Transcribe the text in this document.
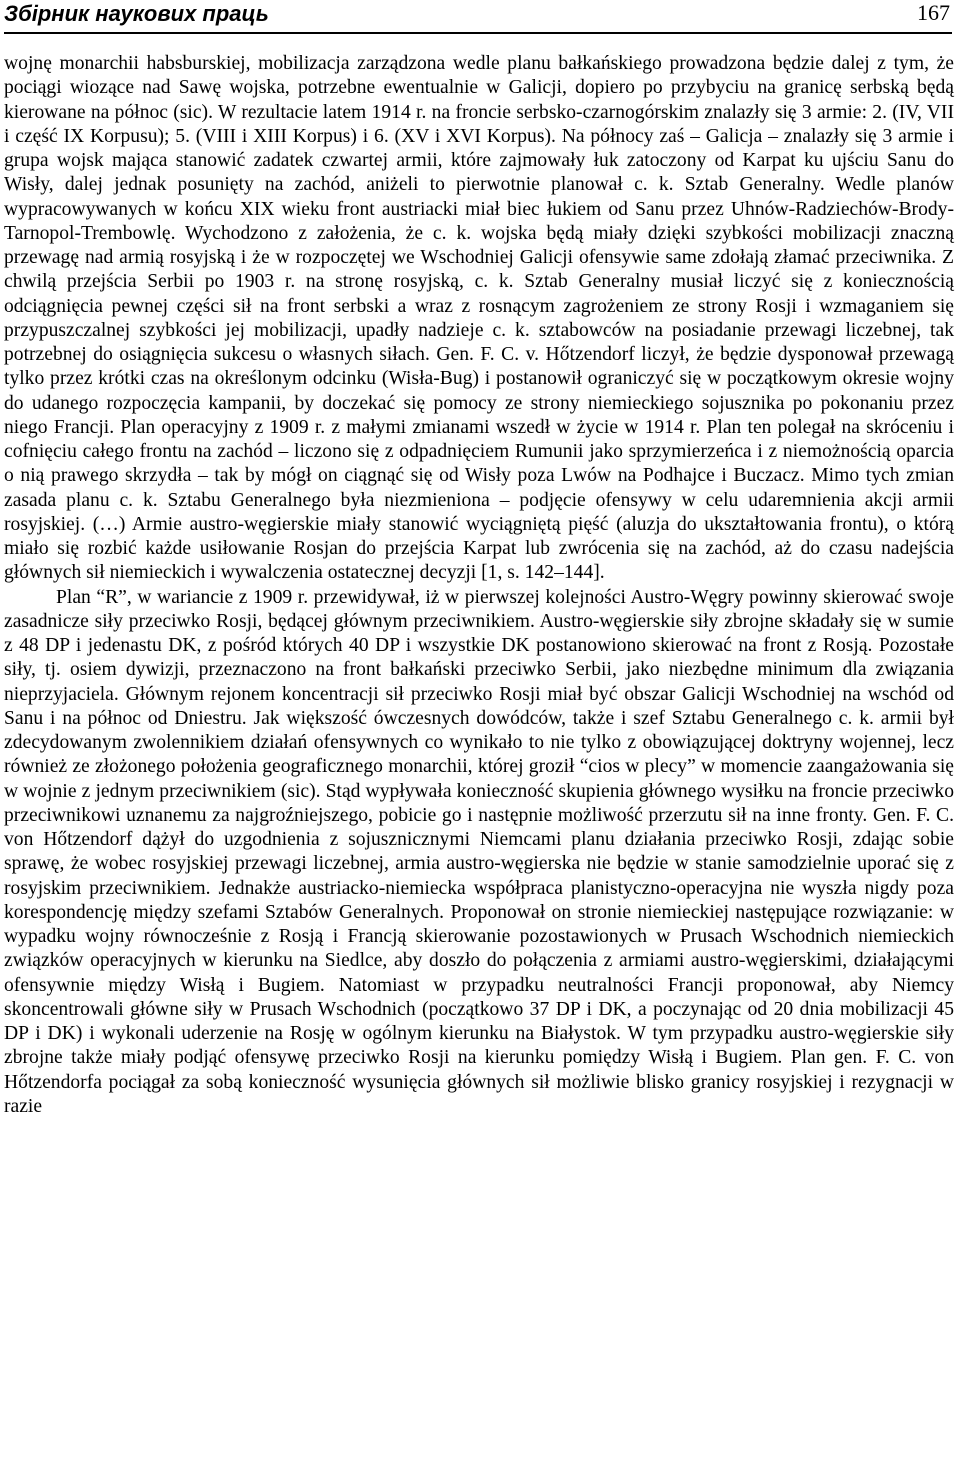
Збірник наукових праць	167

wojnę monarchii habsburskiej, mobilizacja zarządzona wedle planu bałkańskiego prowadzona będzie dalej z tym, że pociągi wiozące nad Sawę wojska, potrzebne ewentualnie w Galicji, dopiero po przybyciu na granicę serbską będą kierowane na północ (sic). W rezultacie latem 1914 r. na froncie serbsko-czarnogórskim znalazły się 3 armie: 2. (IV, VII i część IX Korpusu); 5. (VIII i XIII Korpus) i 6. (XV i XVI Korpus). Na północy zaś – Galicja – znalazły się 3 armie i grupa wojsk mająca stanowić zadatek czwartej armii, które zajmowały łuk zatoczony od Karpat ku ujściu Sanu do Wisły, dalej jednak posunięty na zachód, aniżeli to pierwotnie planował c. k. Sztab Generalny. Wedle planów wypracowywanych w końcu XIX wieku front austriacki miał biec łukiem od Sanu przez Uhnów-Radziechów-Brody-Tarnopol-Trembowlę. Wychodzono z założenia, że c. k. wojska będą miały dzięki szybkości mobilizacji znaczną przewagę nad armią rosyjską i że w rozpoczętej we Wschodniej Galicji ofensywie same zdołają złamać przeciwnika. Z chwilą przejścia Serbii po 1903 r. na stronę rosyjską, c. k. Sztab Generalny musiał liczyć się z koniecznością odciągnięcia pewnej części sił na front serbski a wraz z rosnącym zagrożeniem ze strony Rosji i wzmaganiem się przypuszczalnej szybkości jej mobilizacji, upadły nadzieje c. k. sztabowców na posiadanie przewagi liczebnej, tak potrzebnej do osiągnięcia sukcesu o własnych siłach. Gen. F. C. v. Hőtzendorf liczył, że będzie dysponował przewagą tylko przez krótki czas na określonym odcinku (Wisła-Bug) i postanowił ograniczyć się w początkowym okresie wojny do udanego rozpoczęcia kampanii, by doczekać się pomocy ze strony niemieckiego sojusznika po pokonaniu przez niego Francji. Plan operacyjny z 1909 r. z małymi zmianami wszedł w życie w 1914 r. Plan ten polegał na skróceniu i cofnięciu całego frontu na zachód – liczono się z odpadnięciem Rumunii jako sprzymierzeńca i z niemożnością oparcia o nią prawego skrzydła – tak by mógł on ciągnąć się od Wisły poza Lwów na Podhajce i Buczacz. Mimo tych zmian zasada planu c. k. Sztabu Generalnego była niezmieniona – podjęcie ofensywy w celu udaremnienia akcji armii rosyjskiej. (…) Armie austro-węgierskie miały stanowić wyciągniętą pięść (aluzja do ukształtowania frontu), o którą miało się rozbić każde usiłowanie Rosjan do przejścia Karpat lub zwrócenia się na zachód, aż do czasu nadejścia głównych sił niemieckich i wywalczenia ostatecznej decyzji [1, s. 142–144].

Plan “R”, w wariancie z 1909 r. przewidywał, iż w pierwszej kolejności Austro-Węgry powinny skierować swoje zasadnicze siły przeciwko Rosji, będącej głównym przeciwnikiem. Austro-węgierskie siły zbrojne składały się w sumie z 48 DP i jedenastu DK, z pośród których 40 DP i wszystkie DK postanowiono skierować na front z Rosją. Pozostałe siły, tj. osiem dywizji, przeznaczono na front bałkański przeciwko Serbii, jako niezbędne minimum dla związania nieprzyjaciela. Głównym rejonem koncentracji sił przeciwko Rosji miał być obszar Galicji Wschodniej na wschód od Sanu i na północ od Dniestru. Jak większość ówczesnych dowódców, także i szef Sztabu Generalnego c. k. armii był zdecydowanym zwolennikiem działań ofensywnych co wynikało to nie tylko z obowiązującej doktryny wojennej, lecz również ze złożonego położenia geograficznego monarchii, której groził “cios w plecy” w momencie zaangażowania się w wojnie z jednym przeciwnikiem (sic). Stąd wypływała konieczność skupienia głównego wysiłku na froncie przeciwko przeciwnikowi uznanemu za najgroźniejszego, pobicie go i następnie możliwość przerzutu sił na inne fronty. Gen. F. C. von Hőtzendorf dążył do uzgodnienia z sojusznicznymi Niemcami planu działania przeciwko Rosji, zdając sobie sprawę, że wobec rosyjskiej przewagi liczebnej, armia austro-węgierska nie będzie w stanie samodzielnie uporać się z rosyjskim przeciwnikiem. Jednakże austriacko-niemiecka współpraca planistyczno-operacyjna nie wyszła nigdy poza korespondencję między szefami Sztabów Generalnych. Proponował on stronie niemieckiej następujące rozwiązanie: w wypadku wojny równocześnie z Rosją i Francją skierowanie pozostawionych w Prusach Wschodnich niemieckich związków operacyjnych w kierunku na Siedlce, aby doszło do połączenia z armiami austro-węgierskimi, działającymi ofensywnie między Wisłą i Bugiem. Natomiast w przypadku neutralności Francji proponował, aby Niemcy skoncentrowali główne siły w Prusach Wschodnich (początkowo 37 DP i DK, a poczynając od 20 dnia mobilizacji 45 DP i DK) i wykonali uderzenie na Rosję w ogólnym kierunku na Białystok. W tym przypadku austro-węgierskie siły zbrojne także miały podjąć ofensywę przeciwko Rosji na kierunku pomiędzy Wisłą i Bugiem. Plan gen. F. C. von Hőtzendorfa pociągał za sobą konieczność wysunięcia głównych sił możliwie blisko granicy rosyjskiej i rezygnacji w razie
